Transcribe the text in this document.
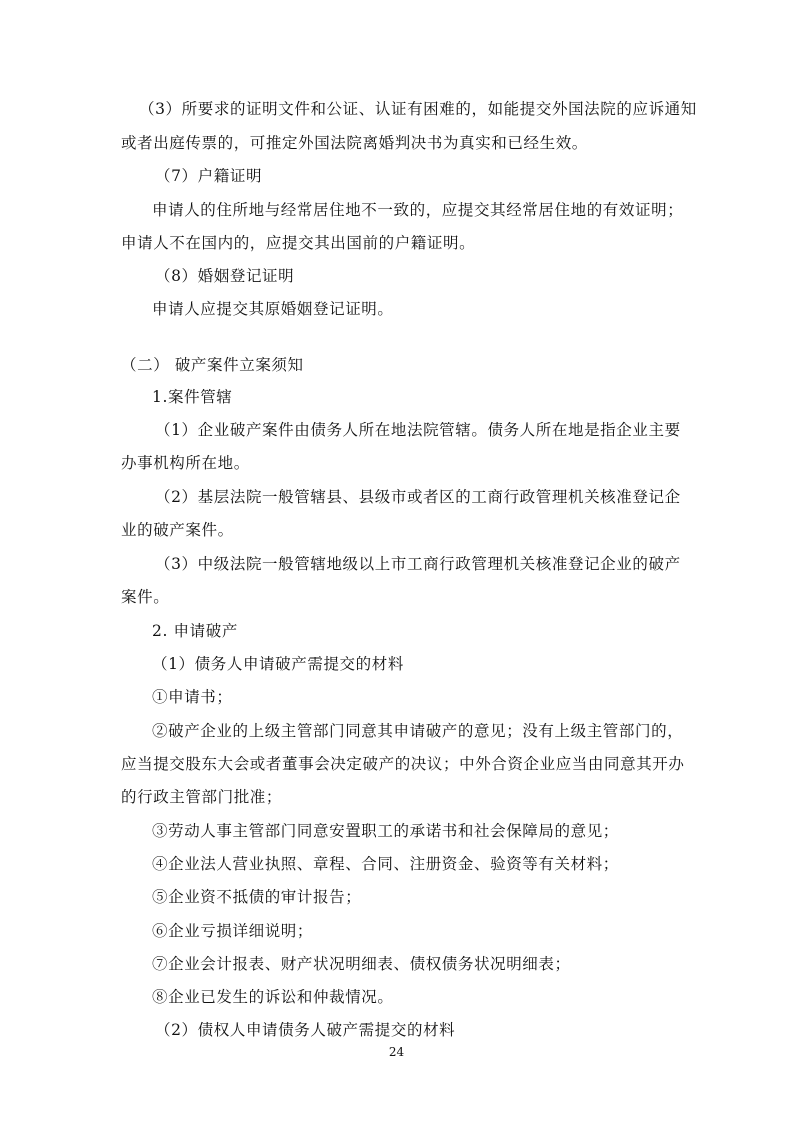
（3）所要求的证明文件和公证、认证有困难的，如能提交外国法院的应诉通知
或者出庭传票的，可推定外国法院离婚判决书为真实和已经生效。
（7）户籍证明
申请人的住所地与经常居住地不一致的，应提交其经常居住地的有效证明；
申请人不在国内的，应提交其出国前的户籍证明。
（8）婚姻登记证明
申请人应提交其原婚姻登记证明。
（二） 破产案件立案须知
1.案件管辖
（1）企业破产案件由债务人所在地法院管辖。债务人所在地是指企业主要
办事机构所在地。
（2）基层法院一般管辖县、县级市或者区的工商行政管理机关核准登记企
业的破产案件。
（3）中级法院一般管辖地级以上市工商行政管理机关核准登记企业的破产
案件。
2. 申请破产
（1）债务人申请破产需提交的材料
①申请书；
②破产企业的上级主管部门同意其申请破产的意见；没有上级主管部门的，
应当提交股东大会或者董事会决定破产的决议；中外合资企业应当由同意其开办
的行政主管部门批准；
③劳动人事主管部门同意安置职工的承诺书和社会保障局的意见；
④企业法人营业执照、章程、合同、注册资金、验资等有关材料；
⑤企业资不抵债的审计报告；
⑥企业亏损详细说明；
⑦企业会计报表、财产状况明细表、债权债务状况明细表；
⑧企业已发生的诉讼和仲裁情况。
（2）债权人申请债务人破产需提交的材料
24
